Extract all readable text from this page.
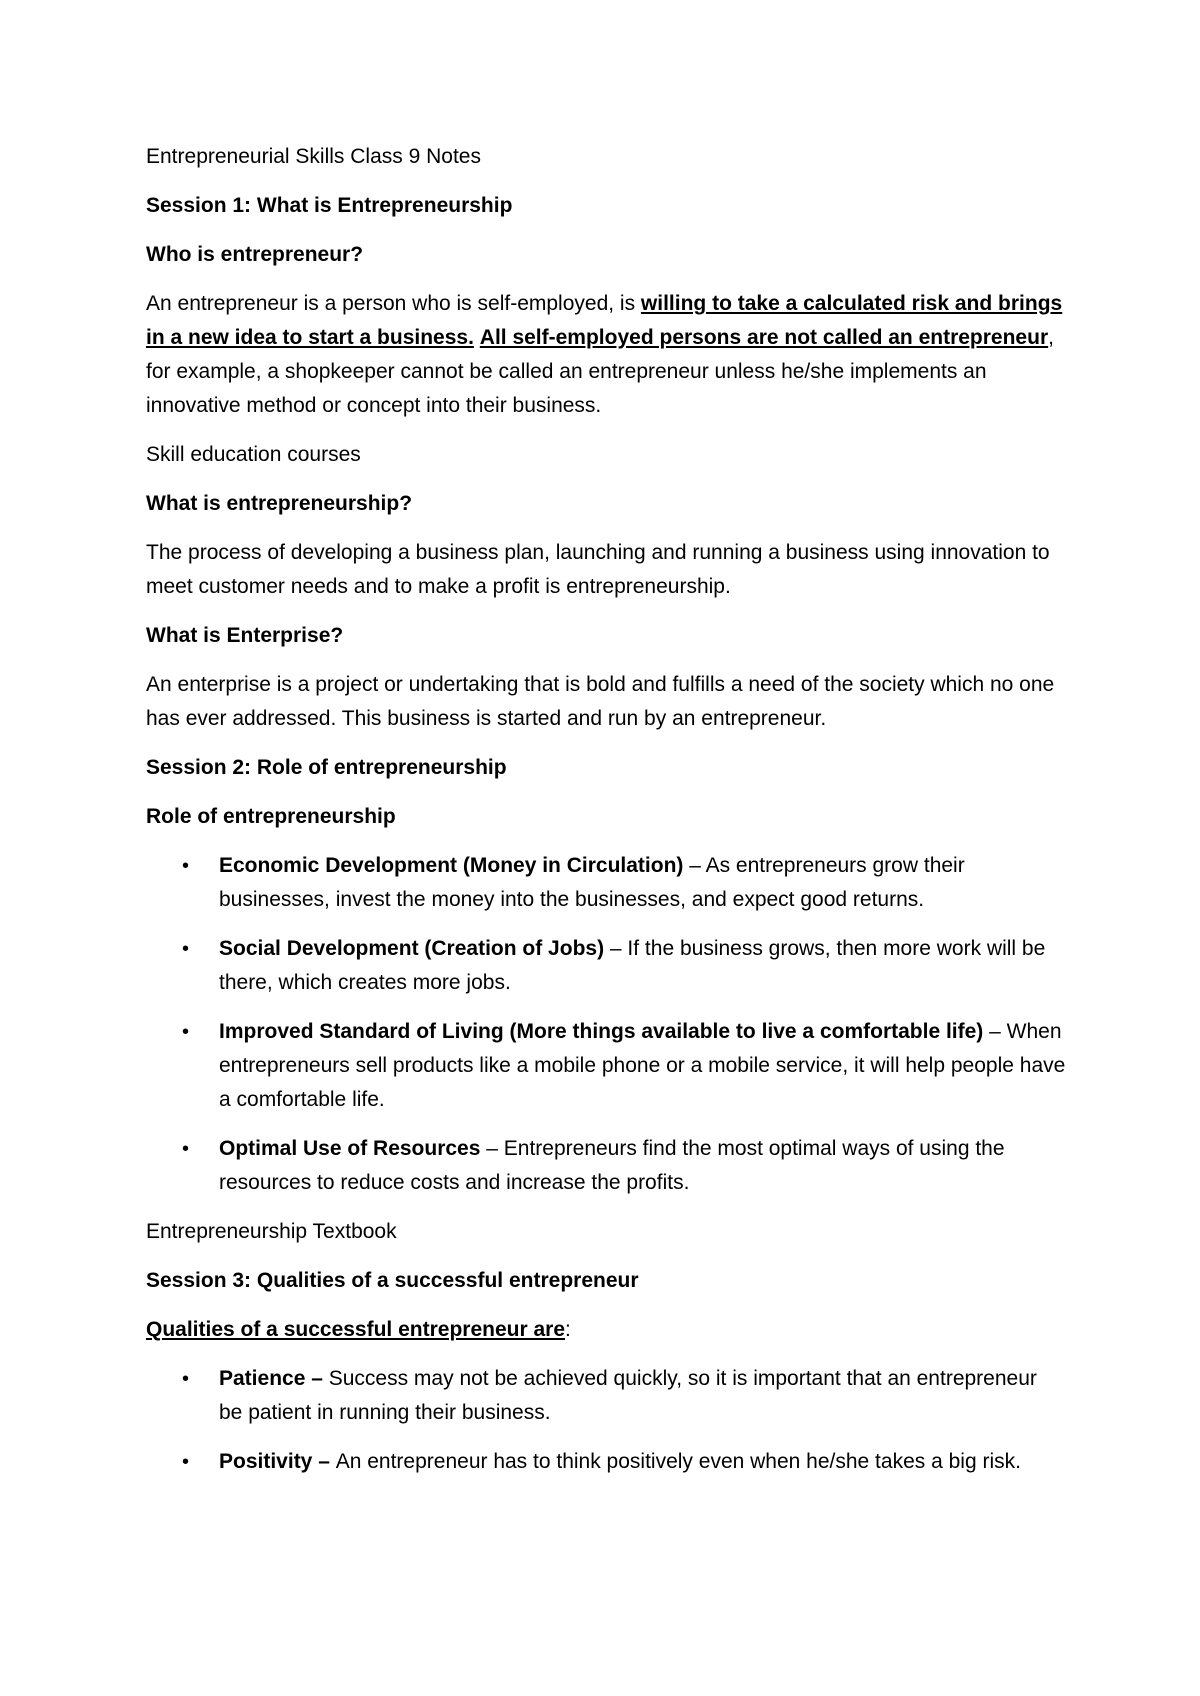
Entrepreneurial Skills Class 9 Notes

Session 1: What is Entrepreneurship

Who is entrepreneur?

An entrepreneur is a person who is self-employed, is willing to take a calculated risk and brings in a new idea to start a business. All self-employed persons are not called an entrepreneur, for example, a shopkeeper cannot be called an entrepreneur unless he/she implements an innovative method or concept into their business.

Skill education courses

What is entrepreneurship?

The process of developing a business plan, launching and running a business using innovation to meet customer needs and to make a profit is entrepreneurship.

What is Enterprise?

An enterprise is a project or undertaking that is bold and fulfills a need of the society which no one has ever addressed. This business is started and run by an entrepreneur.

Session 2: Role of entrepreneurship

Role of entrepreneurship

• Economic Development (Money in Circulation) – As entrepreneurs grow their businesses, invest the money into the businesses, and expect good returns.
• Social Development (Creation of Jobs) – If the business grows, then more work will be there, which creates more jobs.
• Improved Standard of Living (More things available to live a comfortable life) – When entrepreneurs sell products like a mobile phone or a mobile service, it will help people have a comfortable life.
• Optimal Use of Resources – Entrepreneurs find the most optimal ways of using the resources to reduce costs and increase the profits.

Entrepreneurship Textbook

Session 3: Qualities of a successful entrepreneur

Qualities of a successful entrepreneur are:

• Patience – Success may not be achieved quickly, so it is important that an entrepreneur be patient in running their business.
• Positivity – An entrepreneur has to think positively even when he/she takes a big risk.
